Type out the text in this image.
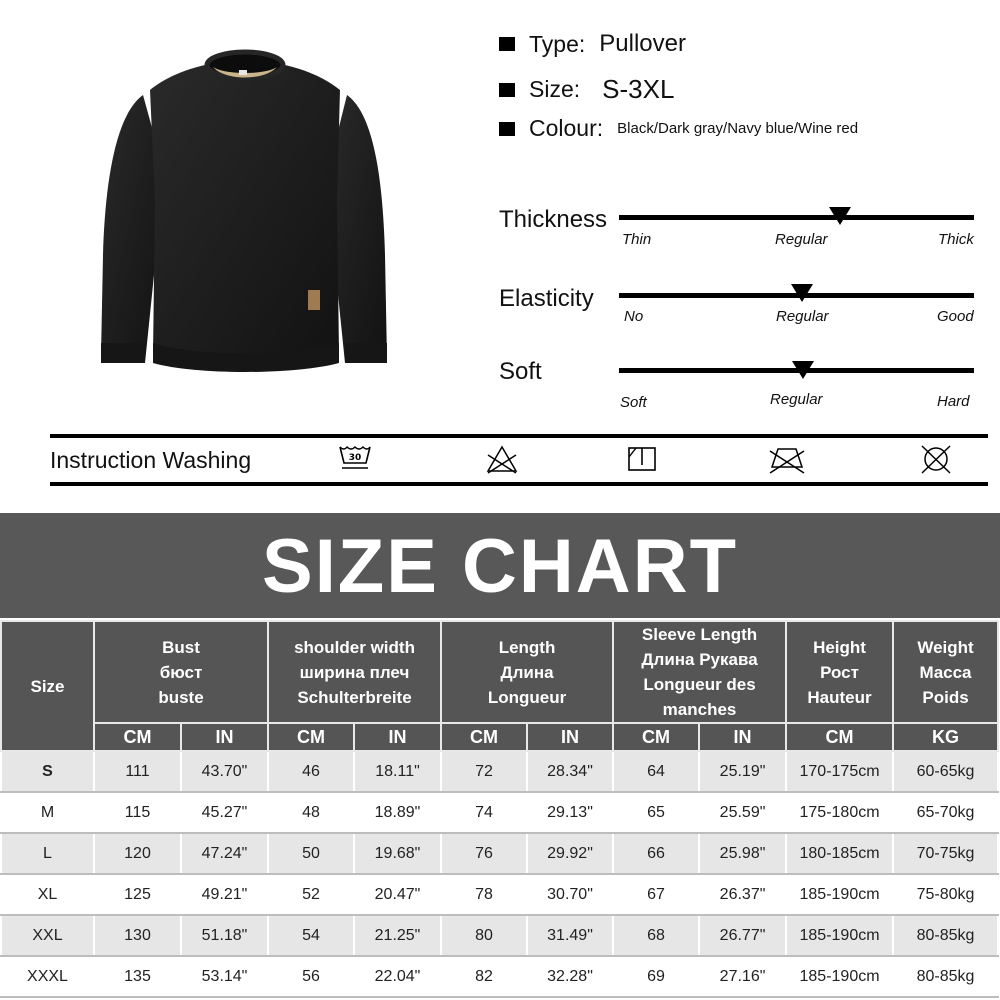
Type: Pullover
Size: S-3XL
Colour: Black/Dark gray/Navy blue/Wine red
Thickness
Thin	Regular	Thick
Elasticity
No	Regular	Good
Soft
Soft	Regular	Hard
Instruction Washing	30
SIZE CHART
Size	
Bust
бюст
buste

shoulder width
ширина плеч
Schulterbreite

Length
Длина
Longueur

Sleeve Length
Длина Рукава
Longueur des
manches

Height
Рост
Hauteur

Weight
Macca
Poids

	CM	IN	CM	IN	CM	IN	CM	IN	CM	KG
S	111	43.70"	46	18.11"	72	28.34"	64	25.19"	170-175cm	60-65kg
M	115	45.27"	48	18.89"	74	29.13"	65	25.59"	175-180cm	65-70kg
L	120	47.24"	50	19.68"	76	29.92"	66	25.98"	180-185cm	70-75kg
XL	125	49.21"	52	20.47"	78	30.70"	67	26.37"	185-190cm	75-80kg
XXL	130	51.18"	54	21.25"	80	31.49"	68	26.77"	185-190cm	80-85kg
XXXL	135	53.14"	56	22.04"	82	32.28"	69	27.16"	185-190cm	80-85kg
